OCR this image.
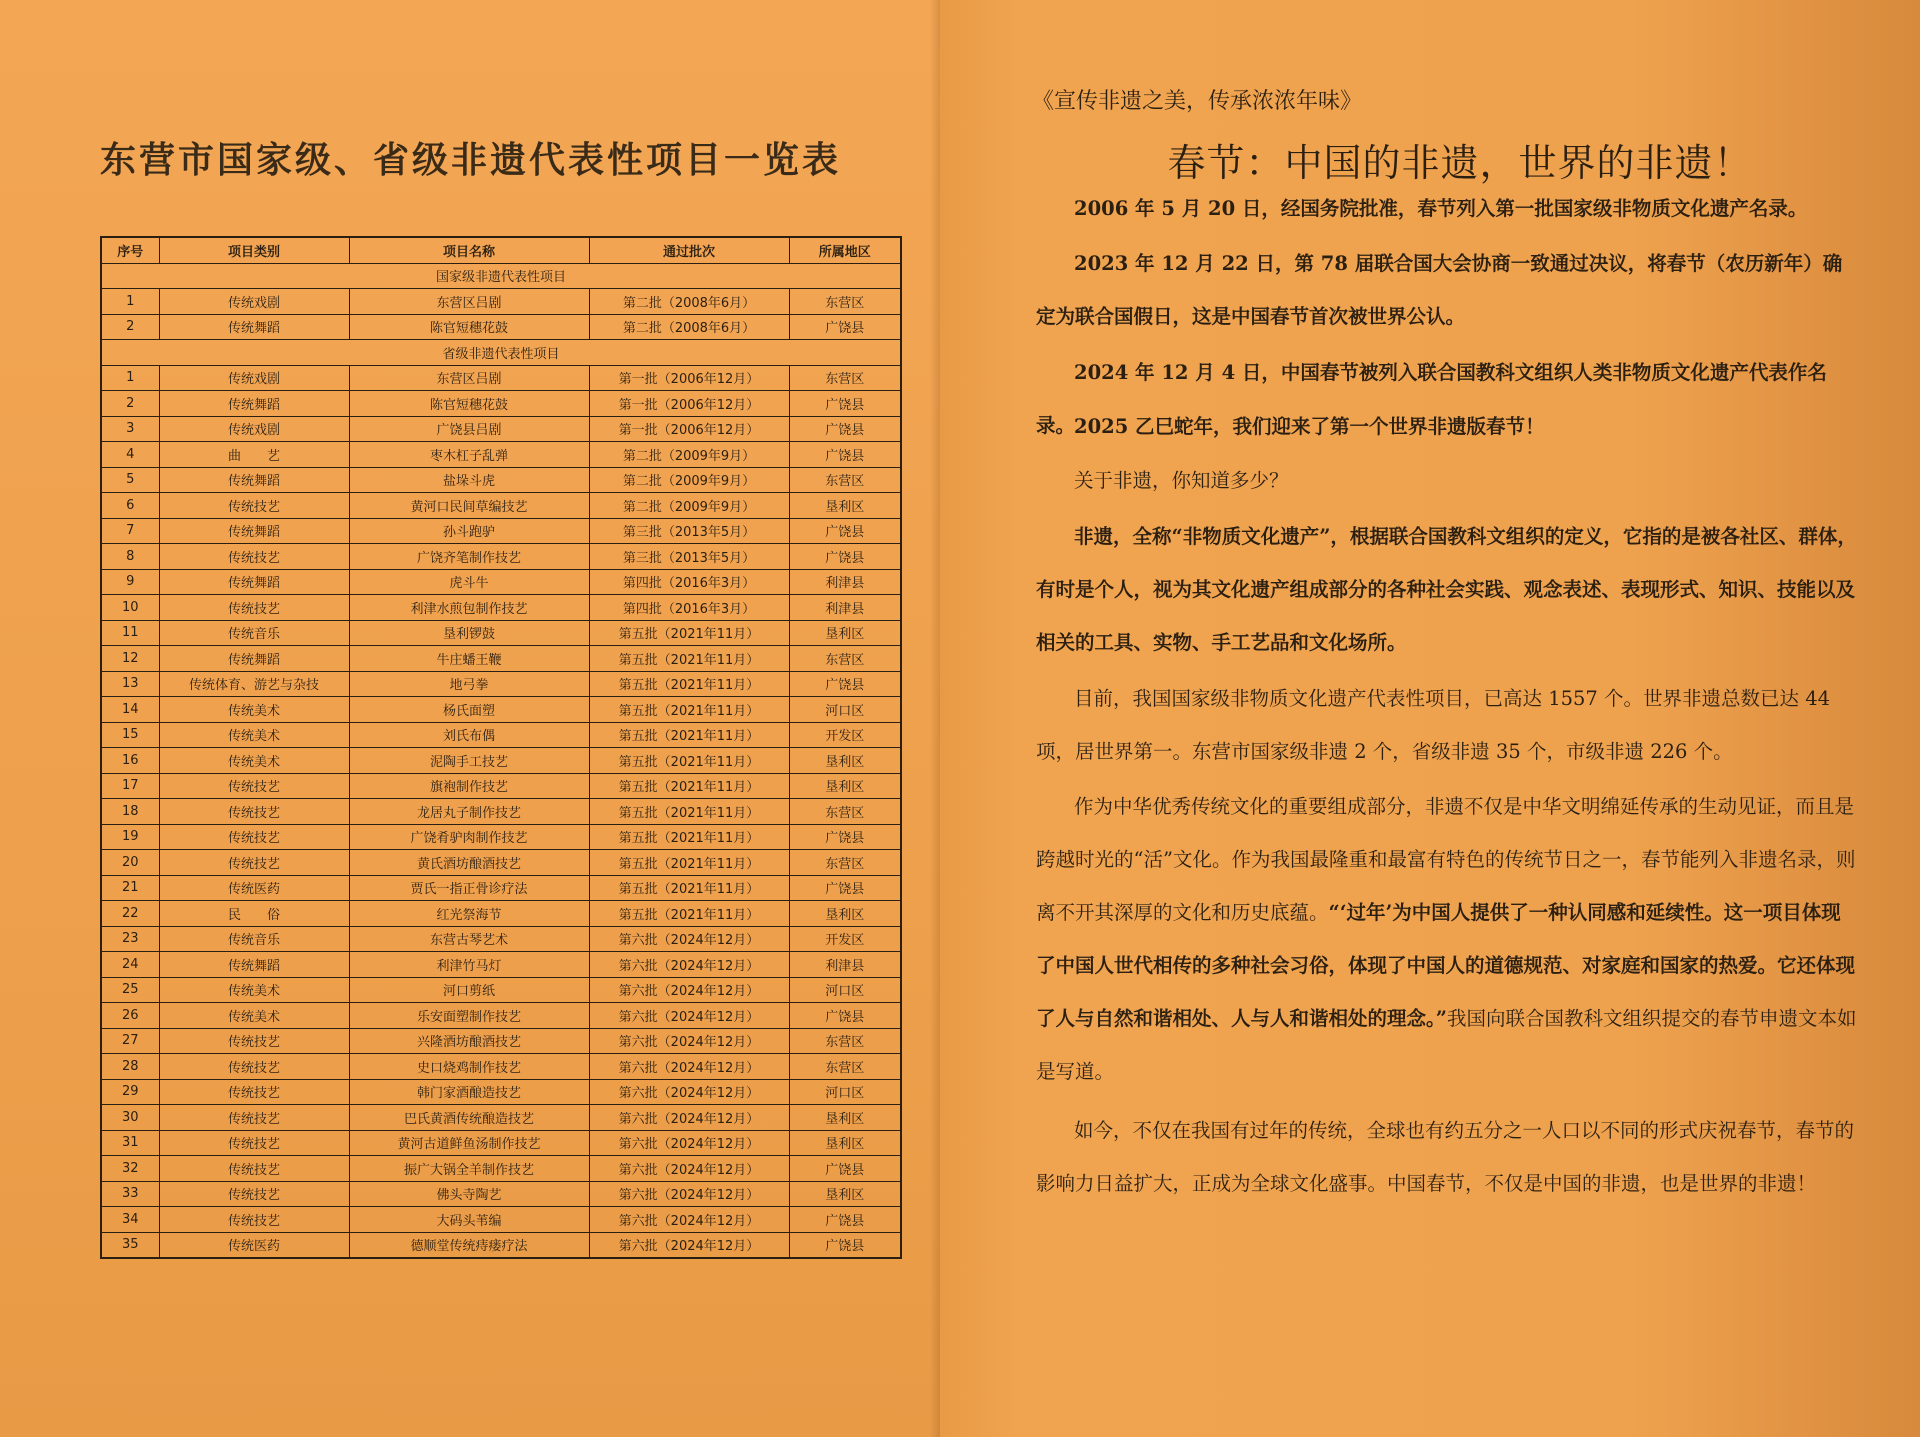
东营市国家级、省级非遗代表性项目一览表
序号	项目类别	项目名称	通过批次	所属地区
国家级非遗代表性项目				
1	传统戏剧	东营区吕剧	第二批（2008年6月）	东营区
2	传统舞蹈	陈官短穗花鼓	第二批（2008年6月）	广饶县
省级非遗代表性项目				
1	传统戏剧	东营区吕剧	第一批（2006年12月）	东营区
2	传统舞蹈	陈官短穗花鼓	第一批（2006年12月）	广饶县
3	传统戏剧	广饶县吕剧	第一批（2006年12月）	广饶县
4	曲　　艺	枣木杠子乱弹	第二批（2009年9月）	广饶县
5	传统舞蹈	盐垛斗虎	第二批（2009年9月）	东营区
6	传统技艺	黄河口民间草编技艺	第二批（2009年9月）	垦利区
7	传统舞蹈	孙斗跑驴	第三批（2013年5月）	广饶县
8	传统技艺	广饶齐笔制作技艺	第三批（2013年5月）	广饶县
9	传统舞蹈	虎斗牛	第四批（2016年3月）	利津县
10	传统技艺	利津水煎包制作技艺	第四批（2016年3月）	利津县
11	传统音乐	垦利锣鼓	第五批（2021年11月）	垦利区
12	传统舞蹈	牛庄蟠王鞭	第五批（2021年11月）	东营区
13	传统体育、游艺与杂技	地弓拳	第五批（2021年11月）	广饶县
14	传统美术	杨氏面塑	第五批（2021年11月）	河口区
15	传统美术	刘氏布偶	第五批（2021年11月）	开发区
16	传统美术	泥陶手工技艺	第五批（2021年11月）	垦利区
17	传统技艺	旗袍制作技艺	第五批（2021年11月）	垦利区
18	传统技艺	龙居丸子制作技艺	第五批（2021年11月）	东营区
19	传统技艺	广饶肴驴肉制作技艺	第五批（2021年11月）	广饶县
20	传统技艺	黄氏酒坊酿酒技艺	第五批（2021年11月）	东营区
21	传统医药	贾氏一指正骨诊疗法	第五批（2021年11月）	广饶县
22	民　　俗	红光祭海节	第五批（2021年11月）	垦利区
23	传统音乐	东营古琴艺术	第六批（2024年12月）	开发区
24	传统舞蹈	利津竹马灯	第六批（2024年12月）	利津县
25	传统美术	河口剪纸	第六批（2024年12月）	河口区
26	传统美术	乐安面塑制作技艺	第六批（2024年12月）	广饶县
27	传统技艺	兴隆酒坊酿酒技艺	第六批（2024年12月）	东营区
28	传统技艺	史口烧鸡制作技艺	第六批（2024年12月）	东营区
29	传统技艺	韩门家酒酿造技艺	第六批（2024年12月）	河口区
30	传统技艺	巴氏黄酒传统酿造技艺	第六批（2024年12月）	垦利区
31	传统技艺	黄河古道鲜鱼汤制作技艺	第六批（2024年12月）	垦利区
32	传统技艺	振广大锅全羊制作技艺	第六批（2024年12月）	广饶县
33	传统技艺	佛头寺陶艺	第六批（2024年12月）	垦利区
34	传统技艺	大码头苇编	第六批（2024年12月）	广饶县
35	传统医药	德顺堂传统痔瘘疗法	第六批（2024年12月）	广饶县
《宣传非遗之美，传承浓浓年味》
春节：中国的非遗，世界的非遗！

2006 年 5 月 20 日，经国务院批准，春节列入第一批国家级非物质文化遗产名录。

2023 年 12 月 22 日，第 78 届联合国大会协商一致通过决议，将春节（农历新年）确定为联合国假日，这是中国春节首次被世界公认。

2024 年 12 月 4 日，中国春节被列入联合国教科文组织人类非物质文化遗产代表作名录。

2025 乙巳蛇年，我们迎来了第一个世界非遗版春节！

关于非遗，你知道多少？

非遗，全称“非物质文化遗产”，根据联合国教科文组织的定义，它指的是被各社区、群体，有时是个人，视为其文化遗产组成部分的各种社会实践、观念表述、表现形式、知识、技能以及相关的工具、实物、手工艺品和文化场所。

目前，我国国家级非物质文化遗产代表性项目，已高达 1557 个。世界非遗总数已达 44 项，居世界第一。东营市国家级非遗 2 个，省级非遗 35 个，市级非遗 226 个。

作为中华优秀传统文化的重要组成部分，非遗不仅是中华文明绵延传承的生动见证，而且是跨越时光的“活”文化。作为我国最隆重和最富有特色的传统节日之一，春节能列入非遗名录，则离不开其深厚的文化和历史底蕴。“‘过年’为中国人提供了一种认同感和延续性。这一项目体现了中国人世代相传的多种社会习俗，体现了中国人的道德规范、对家庭和国家的热爱。它还体现了人与自然和谐相处、人与人和谐相处的理念。”我国向联合国教科文组织提交的春节申遗文本如是写道。

如今，不仅在我国有过年的传统，全球也有约五分之一人口以不同的形式庆祝春节，春节的影响力日益扩大，正成为全球文化盛事。中国春节，不仅是中国的非遗，也是世界的非遗！
